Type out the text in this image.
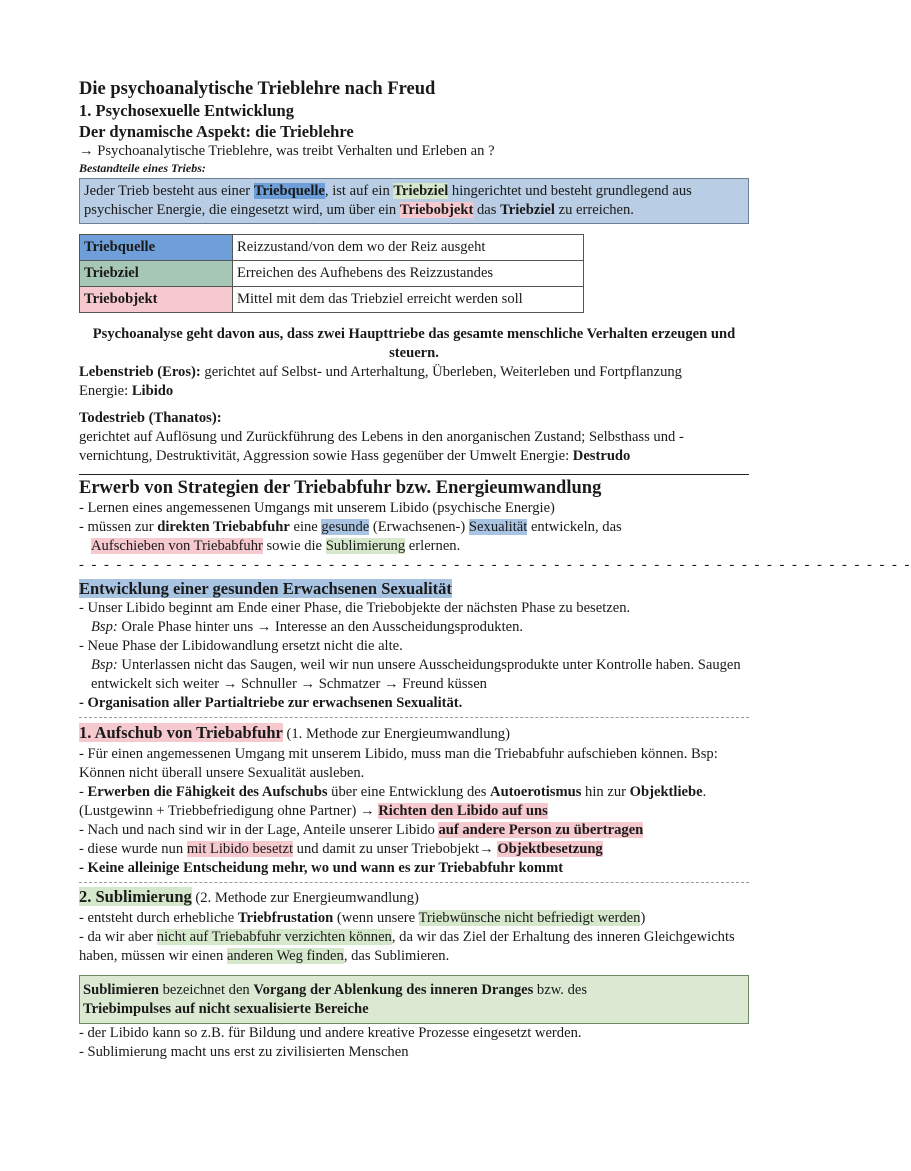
Die psychoanalytische Trieblehre nach Freud

1. Psychosexuelle Entwicklung

Der dynamische Aspekt: die Trieblehre

→ Psychoanalytische Trieblehre, was treibt Verhalten und Erleben an ?

Bestandteile eines Triebs:

Jeder Trieb besteht aus einer Triebquelle, ist auf ein Triebziel hingerichtet und besteht grundlegend aus psychischer Energie, die eingesetzt wird, um über ein Triebobjekt das Triebziel zu erreichen.
Triebquelle	Reizzustand/von dem wo der Reiz ausgeht
Triebziel	Erreichen des Aufhebens des Reizzustandes
Triebobjekt	Mittel mit dem das Triebziel erreicht werden soll

Psychoanalyse geht davon aus, dass zwei Haupttriebe das gesamte menschliche Verhalten erzeugen und steuern.

Lebenstrieb (Eros): gerichtet auf Selbst- und Arterhaltung, Überleben, Weiterleben und FortpflanzungEnergie: Libido

Todestrieb (Thanatos):

gerichtet auf Auflösung und Zurückführung des Lebens in den anorganischen Zustand; Selbsthass und -vernichtung, Destruktivität, Aggression sowie Hass gegenüber der Umwelt Energie: Destrudo

Erwerb von Strategien der Triebabfuhr bzw. Energieumwandlung

- Lernen eines angemessenen Umgangs mit unserem Libido (psychische Energie)

- müssen zur direkten Triebabfuhr eine gesunde (Erwachsenen-) Sexualität entwickeln, das

Aufschieben von Triebabfuhr sowie die Sublimierung erlernen.

- - - - - - - - - - - - - - - - - - - - - - - - - - - - - - - - - - - - - - - - - - - - - - - - - - - - - - - - - - - - - - - - - - -

Entwicklung einer gesunden Erwachsenen Sexualität

- Unser Libido beginnt am Ende einer Phase, die Triebobjekte der nächsten Phase zu besetzen.

Bsp: Orale Phase hinter uns → Interesse an den Ausscheidungsprodukten.

- Neue Phase der Libidowandlung ersetzt nicht die alte.

Bsp: Unterlassen nicht das Saugen, weil wir nun unsere Ausscheidungsprodukte unter Kontrolle haben. Saugen entwickelt sich weiter → Schnuller → Schmatzer → Freund küssen

- Organisation aller Partialtriebe zur erwachsenen Sexualität.

1. Aufschub von Triebabfuhr (1. Methode zur Energieumwandlung)

- Für einen angemessenen Umgang mit unserem Libido, muss man die Triebabfuhr aufschieben können. Bsp: Können nicht überall unsere Sexualität ausleben.

- Erwerben die Fähigkeit des Aufschubs über eine Entwicklung des Autoerotismus hin zur Objektliebe. (Lustgewinn + Triebbefriedigung ohne Partner) → Richten den Libido auf uns

- Nach und nach sind wir in der Lage, Anteile unserer Libido auf andere Person zu übertragen

- diese wurde nun mit Libido besetzt und damit zu unser Triebobjekt→ Objektbesetzung

- Keine alleinige Entscheidung mehr, wo und wann es zur Triebabfuhr kommt

2. Sublimierung (2. Methode zur Energieumwandlung)

- entsteht durch erhebliche Triebfrustation (wenn unsere Triebwünsche nicht befriedigt werden)

- da wir aber nicht auf Triebabfuhr verzichten können, da wir das Ziel der Erhaltung des inneren Gleichgewichts haben, müssen wir einen anderen Weg finden, das Sublimieren.

Sublimieren bezeichnet den Vorgang der Ablenkung des inneren Dranges bzw. des
Triebimpulses auf nicht sexualisierte Bereiche

- der Libido kann so z.B. für Bildung und andere kreative Prozesse eingesetzt werden.

- Sublimierung macht uns erst zu zivilisierten Menschen
